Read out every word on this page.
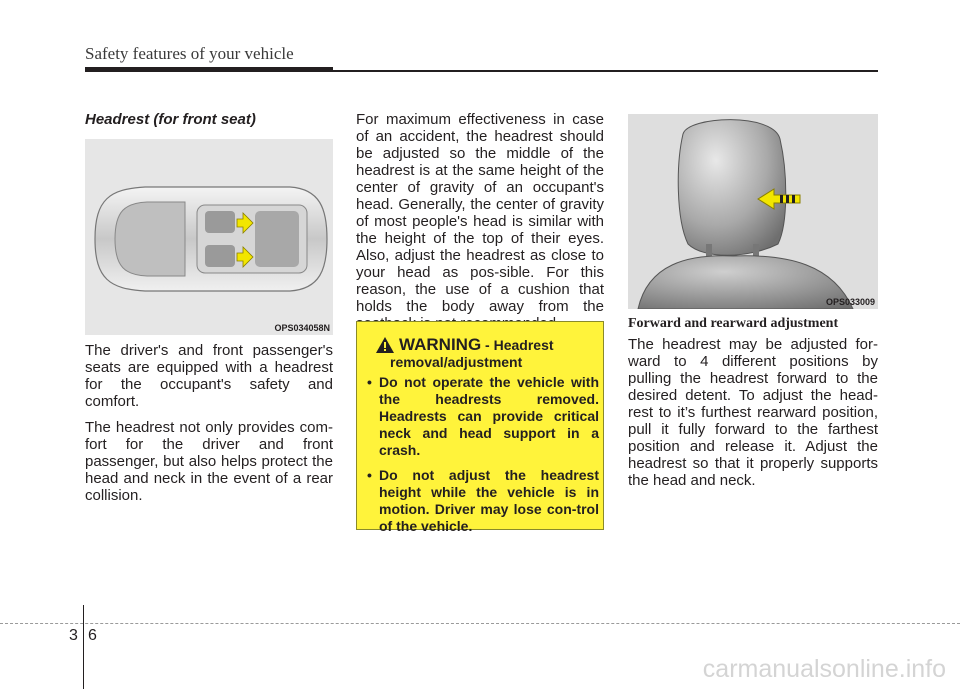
Safety features of your vehicle
Headrest (for front seat)
OPS034058N

The driver's and front passenger's seats are equipped with a headrest for the occupant's safety and comfort.

The headrest not only provides com-fort for the driver and front passenger, but also helps protect the head and neck in the event of a rear collision.

For maximum effectiveness in case of an accident, the headrest should be adjusted so the middle of the headrest is at the same height of the center of gravity of an occupant's head. Generally, the center of gravity of most people's head is similar with the height of the top of their eyes. Also, adjust the headrest as close to your head as pos-sible. For this reason, the use of a cushion that holds the body away from the

WARNING - Headrest
removal/adjustment
• Do not operate the vehicle with the headrests removed. Headrests can provide critical neck and head support in a crash.
• Do not adjust the headrest height while the vehicle is in motion. Driver may lose con-trol of the vehicle.
OPS033009
Forward and rearward adjustment

The headrest may be adjusted for-ward to 4 different positions by pulling the headrest forward to the desired detent. To adjust the head-rest to it’s furthest rearward position, pull it fully forward to the farthest position and release it. Adjust the headrest so that it properly supports the head and neck.

3 6
carmanualsonline.info
